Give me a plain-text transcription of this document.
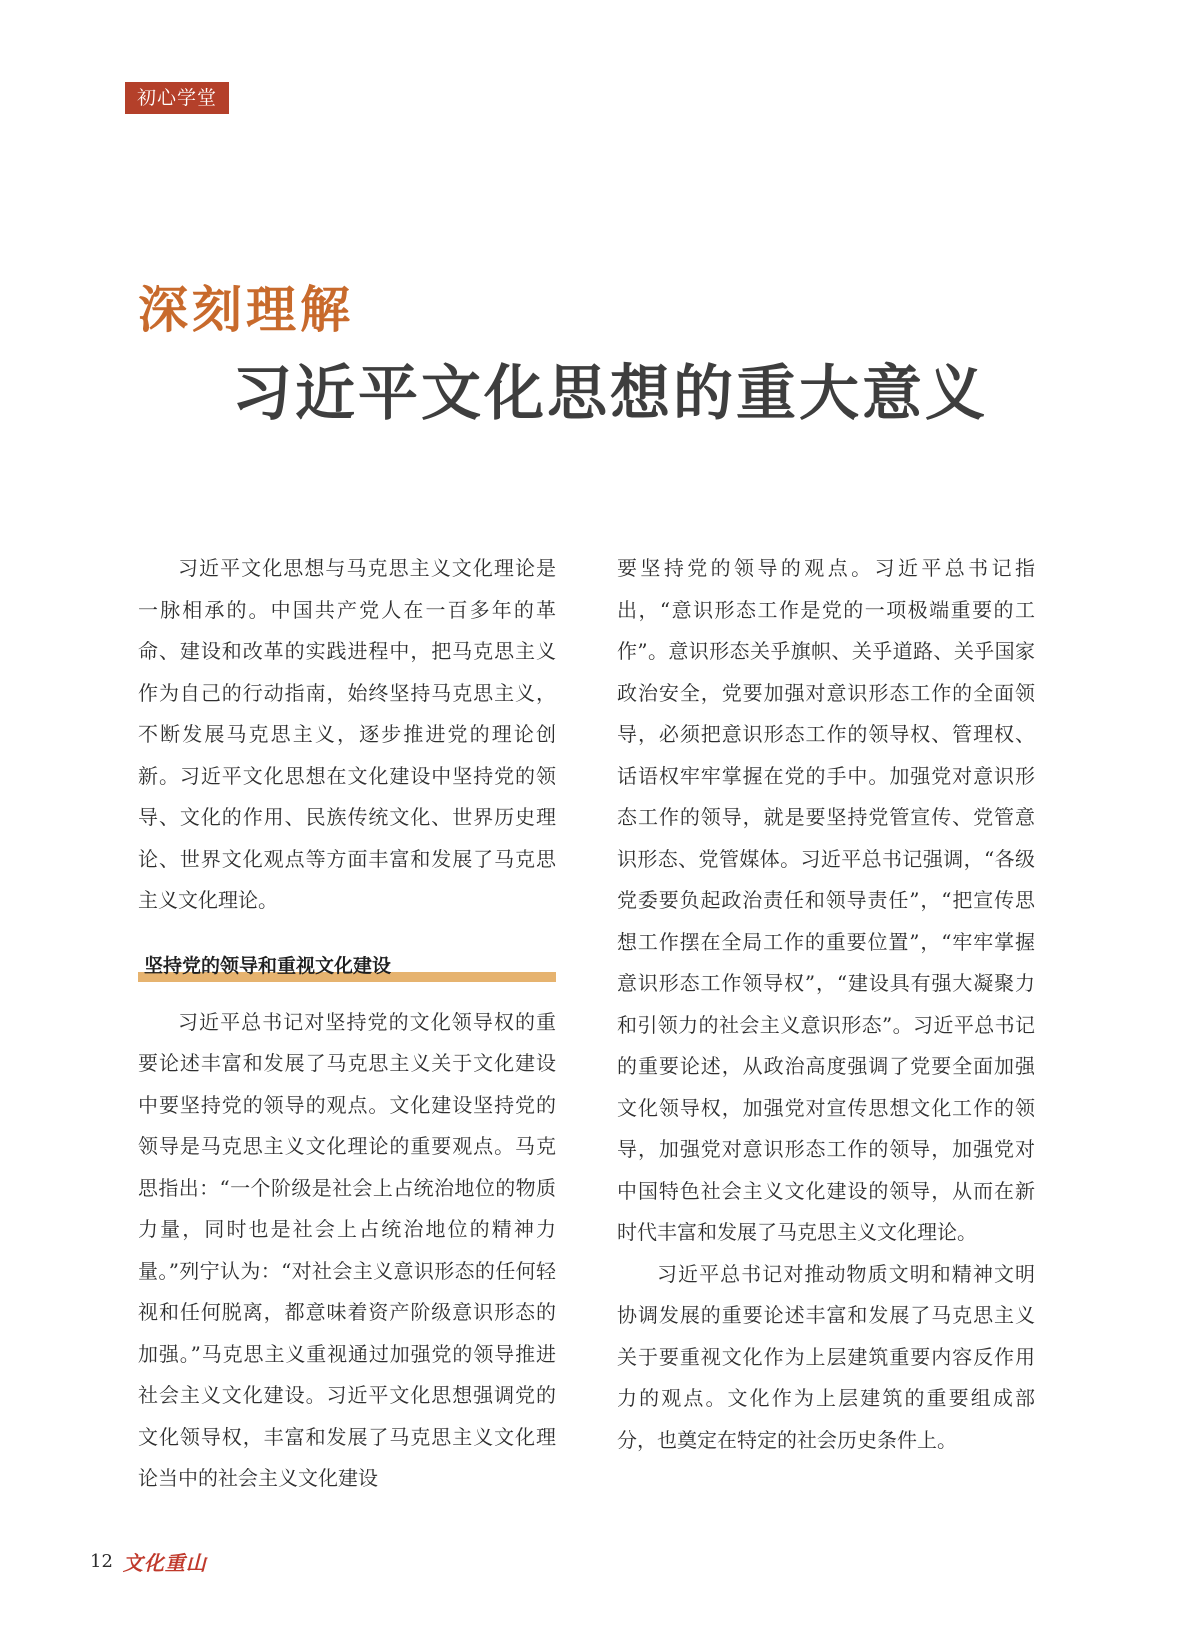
初心学堂
深刻理解
习近平文化思想的重大意义

习近平文化思想与马克思主义文化理论是一脉相承的。中国共产党人在一百多年的革命、建设和改革的实践进程中，把马克思主义作为自己的行动指南，始终坚持马克思主义，不断发展马克思主义，逐步推进党的理论创新。习近平文化思想在文化建设中坚持党的领导、文化的作用、民族传统文化、世界历史理论、世界文化观点等方面丰富和发展了马克思主义文化理论。

坚持党的领导和重视文化建设

习近平总书记对坚持党的文化领导权的重要论述丰富和发展了马克思主义关于文化建设中要坚持党的领导的观点。文化建设坚持党的领导是马克思主义文化理论的重要观点。马克思指出：“一个阶级是社会上占统治地位的物质力量，同时也是社会上占统治地位的精神力量。”列宁认为：“对社会主义意识形态的任何轻视和任何脱离，都意味着资产阶级意识形态的加强。”马克思主义重视通过加强党的领导推进社会主义文化建设。习近平文化思想强调党的文化领导权，丰富和发展了马克思主义文化理论当中的社会主义文化建设

要坚持党的领导的观点。习近平总书记指出，“意识形态工作是党的一项极端重要的工作”。意识形态关乎旗帜、关乎道路、关乎国家政治安全，党要加强对意识形态工作的全面领导，必须把意识形态工作的领导权、管理权、话语权牢牢掌握在党的手中。加强党对意识形态工作的领导，就是要坚持党管宣传、党管意识形态、党管媒体。习近平总书记强调，“各级党委要负起政治责任和领导责任”，“把宣传思想工作摆在全局工作的重要位置”，“牢牢掌握意识形态工作领导权”，“建设具有强大凝聚力和引领力的社会主义意识形态”。习近平总书记的重要论述，从政治高度强调了党要全面加强文化领导权，加强党对宣传思想文化工作的领导，加强党对意识形态工作的领导，加强党对中国特色社会主义文化建设的领导，从而在新时代丰富和发展了马克思主义文化理论。

习近平总书记对推动物质文明和精神文明协调发展的重要论述丰富和发展了马克思主义关于要重视文化作为上层建筑重要内容反作用力的观点。文化作为上层建筑的重要组成部分，也奠定在特定的社会历史条件上。

12 文化重山
